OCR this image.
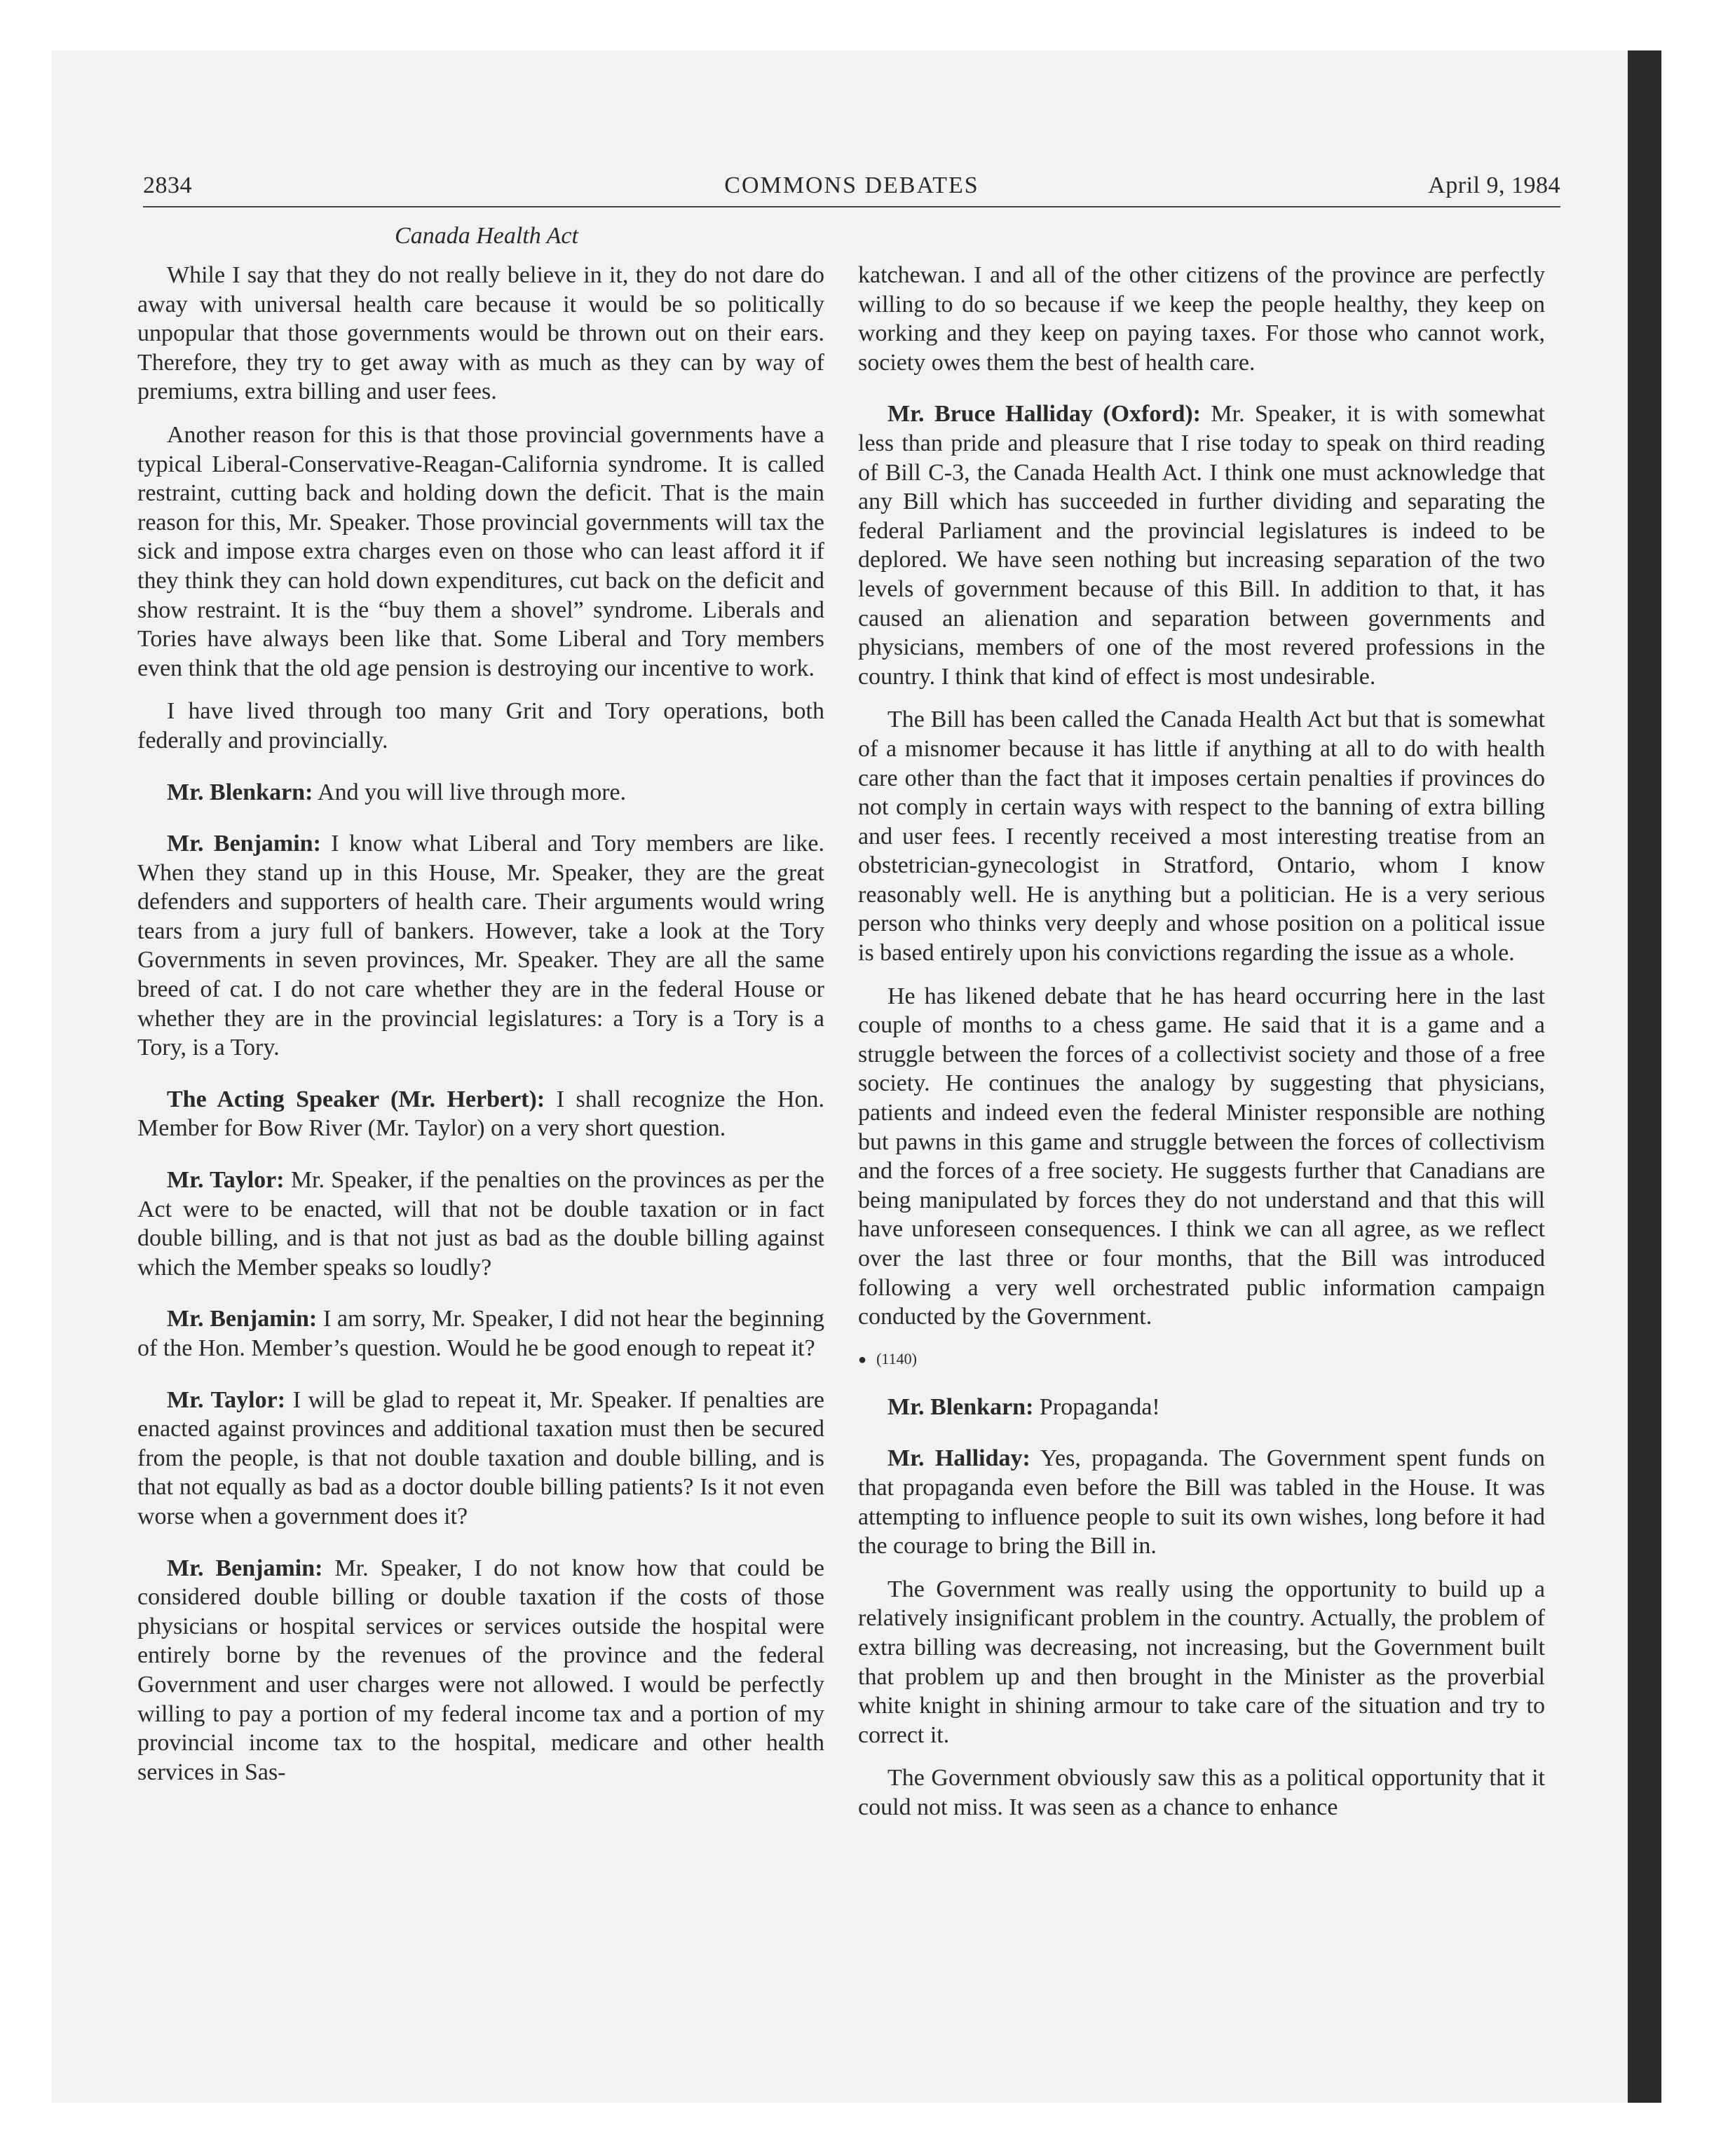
2834	COMMONS DEBATES	April 9, 1984
Canada Health Act

While I say that they do not really believe in it, they do not dare do away with universal health care because it would be so politically unpopular that those governments would be thrown out on their ears. Therefore, they try to get away with as much as they can by way of premiums, extra billing and user fees.

Another reason for this is that those provincial governments have a typical Liberal-Conservative-Reagan-California syndrome. It is called restraint, cutting back and holding down the deficit. That is the main reason for this, Mr. Speaker. Those provincial governments will tax the sick and impose extra charges even on those who can least afford it if they think they can hold down expenditures, cut back on the deficit and show restraint. It is the “buy them a shovel” syndrome. Liberals and Tories have always been like that. Some Liberal and Tory members even think that the old age pension is destroying our incentive to work.

I have lived through too many Grit and Tory operations, both federally and provincially.

Mr. Blenkarn: And you will live through more.

Mr. Benjamin: I know what Liberal and Tory members are like. When they stand up in this House, Mr. Speaker, they are the great defenders and supporters of health care. Their arguments would wring tears from a jury full of bankers. However, take a look at the Tory Governments in seven provinces, Mr. Speaker. They are all the same breed of cat. I do not care whether they are in the federal House or whether they are in the provincial legislatures: a Tory is a Tory is a Tory, is a Tory.

The Acting Speaker (Mr. Herbert): I shall recognize the Hon. Member for Bow River (Mr. Taylor) on a very short question.

Mr. Taylor: Mr. Speaker, if the penalties on the provinces as per the Act were to be enacted, will that not be double taxation or in fact double billing, and is that not just as bad as the double billing against which the Member speaks so loudly?

Mr. Benjamin: I am sorry, Mr. Speaker, I did not hear the beginning of the Hon. Member’s question. Would he be good enough to repeat it?

Mr. Taylor: I will be glad to repeat it, Mr. Speaker. If penalties are enacted against provinces and additional taxation must then be secured from the people, is that not double taxation and double billing, and is that not equally as bad as a doctor double billing patients? Is it not even worse when a government does it?

Mr. Benjamin: Mr. Speaker, I do not know how that could be considered double billing or double taxation if the costs of those physicians or hospital services or services outside the hospital were entirely borne by the revenues of the province and the federal Government and user charges were not allowed. I would be perfectly willing to pay a portion of my federal income tax and a portion of my provincial income tax to the hospital, medicare and other health services in Sas-

katchewan. I and all of the other citizens of the province are perfectly willing to do so because if we keep the people healthy, they keep on working and they keep on paying taxes. For those who cannot work, society owes them the best of health care.

Mr. Bruce Halliday (Oxford): Mr. Speaker, it is with somewhat less than pride and pleasure that I rise today to speak on third reading of Bill C-3, the Canada Health Act. I think one must acknowledge that any Bill which has succeeded in further dividing and separating the federal Parliament and the provincial legislatures is indeed to be deplored. We have seen nothing but increasing separation of the two levels of government because of this Bill. In addition to that, it has caused an alienation and separation between governments and physicians, members of one of the most revered professions in the country. I think that kind of effect is most undesirable.

The Bill has been called the Canada Health Act but that is somewhat of a misnomer because it has little if anything at all to do with health care other than the fact that it imposes certain penalties if provinces do not comply in certain ways with respect to the banning of extra billing and user fees. I recently received a most interesting treatise from an obstetrician-gynecologist in Stratford, Ontario, whom I know reasonably well. He is anything but a politician. He is a very serious person who thinks very deeply and whose position on a political issue is based entirely upon his convictions regarding the issue as a whole.

He has likened debate that he has heard occurring here in the last couple of months to a chess game. He said that it is a game and a struggle between the forces of a collectivist society and those of a free society. He continues the analogy by suggesting that physicians, patients and indeed even the federal Minister responsible are nothing but pawns in this game and struggle between the forces of collectivism and the forces of a free society. He suggests further that Canadians are being manipulated by forces they do not understand and that this will have unforeseen consequences. I think we can all agree, as we reflect over the last three or four months, that the Bill was introduced following a very well orchestrated public information campaign conducted by the Government.

● (1140)

Mr. Blenkarn: Propaganda!

Mr. Halliday: Yes, propaganda. The Government spent funds on that propaganda even before the Bill was tabled in the House. It was attempting to influence people to suit its own wishes, long before it had the courage to bring the Bill in.

The Government was really using the opportunity to build up a relatively insignificant problem in the country. Actually, the problem of extra billing was decreasing, not increasing, but the Government built that problem up and then brought in the Minister as the proverbial white knight in shining armour to take care of the situation and try to correct it.

The Government obviously saw this as a political opportunity that it could not miss. It was seen as a chance to enhance
